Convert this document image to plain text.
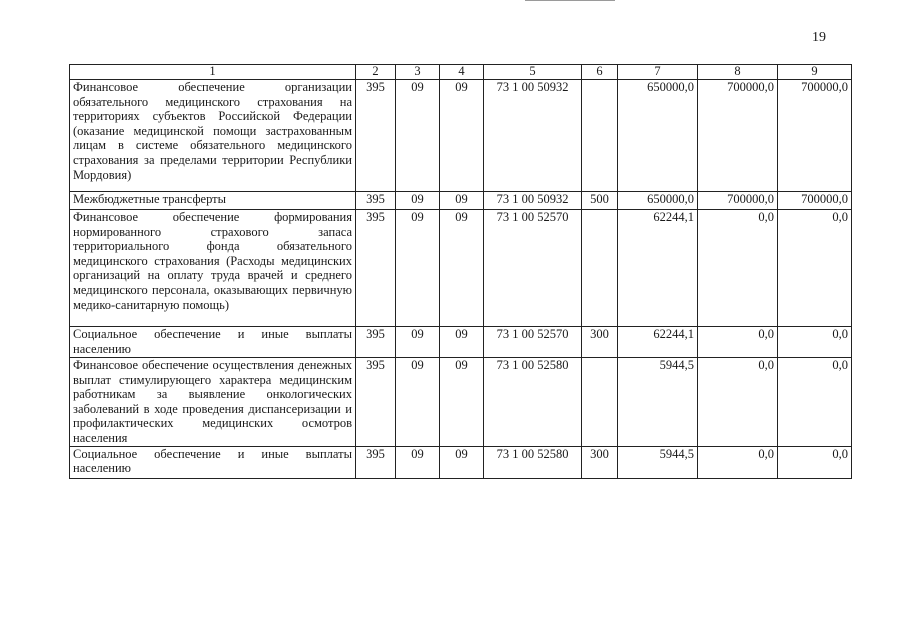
19
1	2	3	4	5	6	7	8	9
Финансовое обеспечение организации обязательного медицинского страхования на территориях субъектов Российской Федерации (оказание медицинской помощи застрахованным лицам в системе обязательного медицинского страхования за пределами территории Республики Мордовия)	395	09	09	73 1 00 50932		650000,0	700000,0	700000,0
Межбюджетные трансферты	395	09	09	73 1 00 50932	500	650000,0	700000,0	700000,0
Финансовое обеспечение формирования нормированного страхового запаса территориального фонда обязательного медицинского страхования (Расходы медицинских организаций на оплату труда врачей и среднего медицинского персонала, оказывающих первичную медико-санитарную помощь)	395	09	09	73 1 00 52570		62244,1	0,0	0,0
Социальное обеспечение и иные выплаты населению	395	09	09	73 1 00 52570	300	62244,1	0,0	0,0
Финансовое обеспечение осуществления денежных выплат стимулирующего характера медицинским работникам за выявление онкологических заболеваний в ходе проведения диспансеризации и профилактических медицинских осмотров населения	395	09	09	73 1 00 52580		5944,5	0,0	0,0
Социальное обеспечение и иные выплаты населению	395	09	09	73 1 00 52580	300	5944,5	0,0	0,0
